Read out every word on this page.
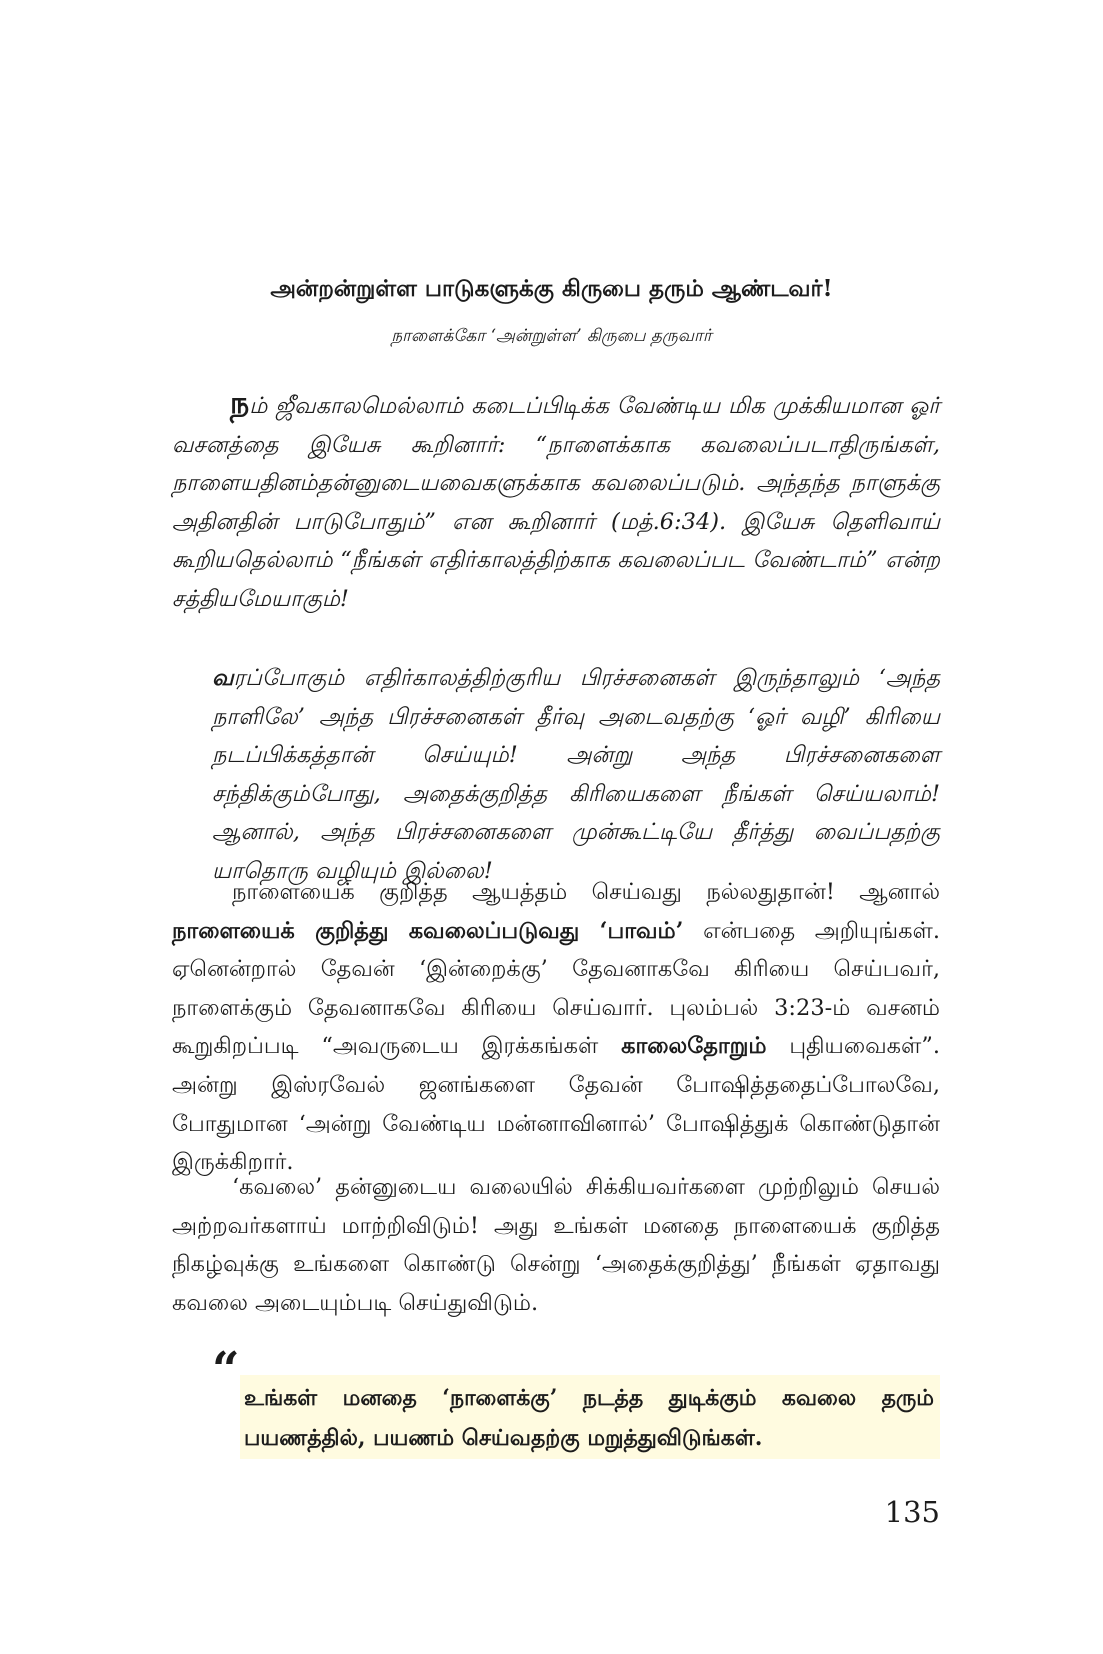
அன்றன்றுள்ள பாடுகளுக்கு கிருபை தரும் ஆண்டவர்!
நாளைக்கோ ‘அன்றுள்ள’ கிருபை தருவார்

நம் ஜீவகாலமெல்லாம் கடைப்பிடிக்க வேண்டிய மிக முக்கியமான ஓர் வசனத்தை இயேசு கூறினார்: “நாளைக்காக கவலைப்படாதிருங்கள், நாளையதினம்தன்னுடையவைகளுக்காக கவலைப்படும். அந்தந்த நாளுக்கு அதினதின் பாடுபோதும்” என கூறினார் (மத்.6:34). இயேசு தெளிவாய் கூறியதெல்லாம் “நீங்கள் எதிர்காலத்திற்காக கவலைப்பட வேண்டாம்” என்ற சத்தியமேயாகும்!

வரப்போகும் எதிர்காலத்திற்குரிய பிரச்சனைகள் இருந்தாலும் ‘அந்த நாளிலே’ அந்த பிரச்சனைகள் தீர்வு அடைவதற்கு ‘ஓர் வழி’ கிரியை நடப்பிக்கத்தான் செய்யும்! அன்று அந்த பிரச்சனைகளை சந்திக்கும்போது, அதைக்குறித்த கிரியைகளை நீங்கள் செய்யலாம்! ஆனால், அந்த பிரச்சனைகளை முன்கூட்டியே தீர்த்து வைப்பதற்கு யாதொரு வழியும் இல்லை!

நாளையைக் குறித்த ஆயத்தம் செய்வது நல்லதுதான்! ஆனால் நாளையைக் குறித்து கவலைப்படுவது ‘பாவம்’ என்பதை அறியுங்கள். ஏனென்றால் தேவன் ‘இன்றைக்கு’ தேவனாகவே கிரியை செய்பவர், நாளைக்கும் தேவனாகவே கிரியை செய்வார். புலம்பல் 3:23-ம் வசனம் கூறுகிறப்படி “அவருடைய இரக்கங்கள் காலைதோறும் புதியவைகள்”. அன்று இஸ்ரவேல் ஜனங்களை தேவன் போஷித்ததைப்போலவே, போதுமான ‘அன்று வேண்டிய மன்னாவினால்’ போஷித்துக் கொண்டுதான் இருக்கிறார்.

‘கவலை’ தன்னுடைய வலையில் சிக்கியவர்களை முற்றிலும் செயல் அற்றவர்களாய் மாற்றிவிடும்! அது உங்கள் மனதை நாளையைக் குறித்த நிகழ்வுக்கு உங்களை கொண்டு சென்று ‘அதைக்குறித்து’ நீங்கள் ஏதாவது கவலை அடையும்படி செய்துவிடும்.

“ உங்கள் மனதை ‘நாளைக்கு’ நடத்த துடிக்கும் கவலை தரும் பயணத்தில், பயணம் செய்வதற்கு மறுத்துவிடுங்கள்.

135
